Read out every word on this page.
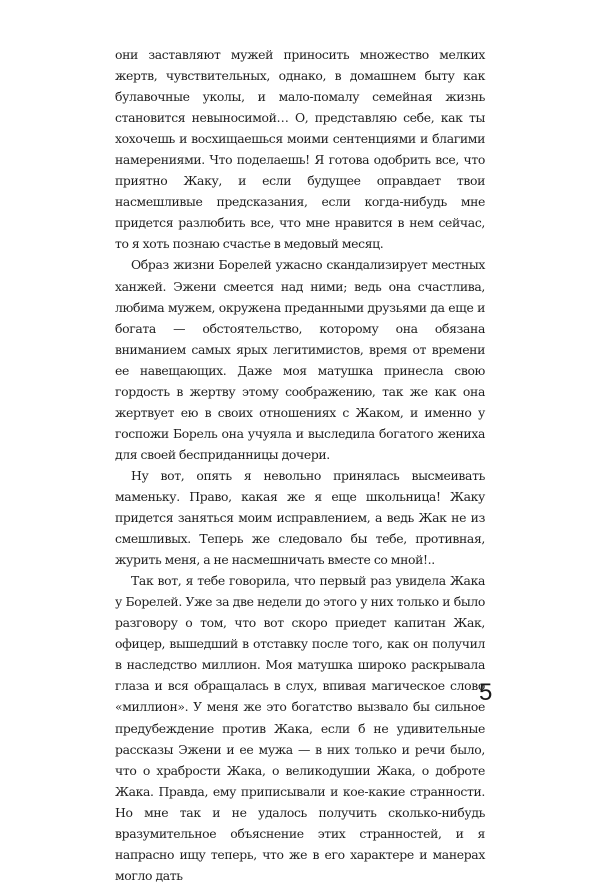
они заставляют мужей приносить множество мелких жертв, чувствительных, однако, в домашнем быту как булавочные уколы, и мало-помалу семейная жизнь становится невыносимой… О, представляю себе, как ты хохочешь и восхищаешься моими сентенциями и благими намерениями. Что поделаешь! Я готова одобрить все, что приятно Жаку, и если будущее оправдает твои насмешливые предсказания, если когда-нибудь мне придется разлюбить все, что мне нравится в нем сейчас, то я хоть познаю счастье в медовый месяц.

Образ жизни Борелей ужасно скандализирует местных ханжей. Эжени смеется над ними; ведь она счастлива, любима мужем, окружена преданными друзьями да еще и богата — обстоятельство, которому она обязана вниманием самых ярых легитимистов, время от времени ее навещающих. Даже моя матушка принесла свою гордость в жертву этому соображению, так же как она жертвует ею в своих отношениях с Жаком, и именно у госпожи Борель она учуяла и выследила богатого жениха для своей бесприданницы дочери.

Ну вот, опять я невольно принялась высмеивать маменьку. Право, какая же я еще школьница! Жаку придется заняться моим исправлением, а ведь Жак не из смешливых. Теперь же следовало бы тебе, противная, журить меня, а не насмешничать вместе со мной!..

Так вот, я тебе говорила, что первый раз увидела Жака у Борелей. Уже за две недели до этого у них только и было разговору о том, что вот скоро приедет капитан Жак, офицер, вышедший в отставку после того, как он получил в наследство миллион. Моя матушка широко раскрывала глаза и вся обращалась в слух, впивая магическое слово «миллион». У меня же это богатство вызвало бы сильное предубеждение против Жака, если б не удивительные рассказы Эжени и ее мужа — в них только и речи было, что о храбрости Жака, о великодушии Жака, о доброте Жака. Правда, ему приписывали и кое-какие странности. Но мне так и не удалось получить сколько-нибудь вразумительное объяснение этих странностей, и я напрасно ищу теперь, что же в его характере и манерах могло дать

5
